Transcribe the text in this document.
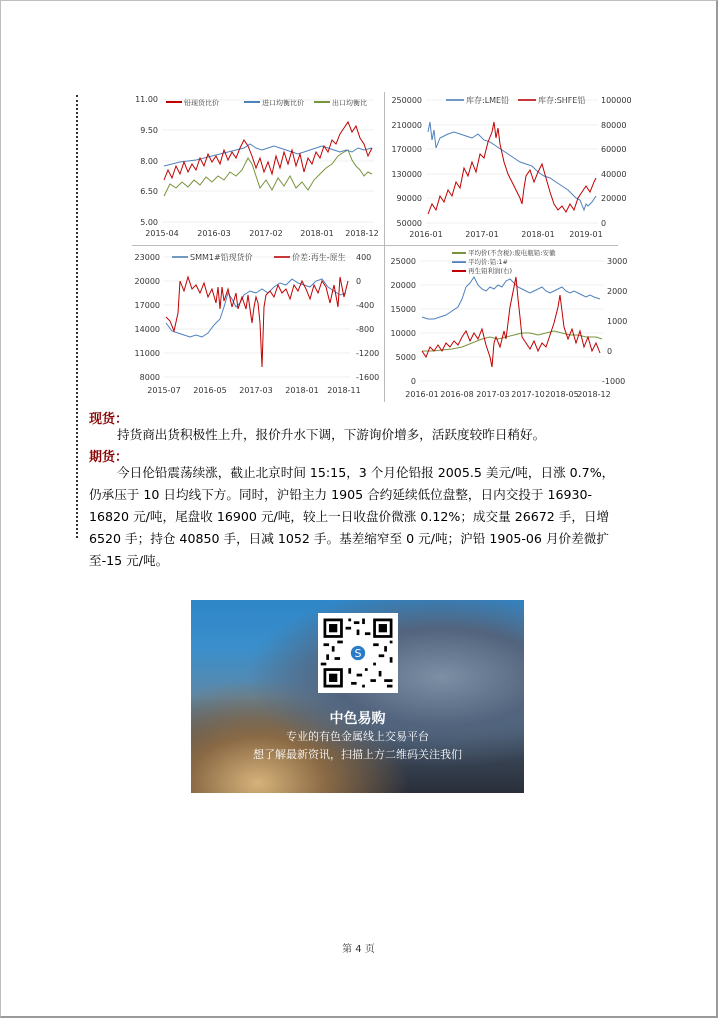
铅现货比价	进口均衡比价	出口均衡比
11.00
9.50
8.00
6.50
5.00
2015-04 2016-03 2017-02 2018-01 2018-12
库存:LME铅	库存:SHFE铅
250000
210000
170000
130000
90000
50000
100000
80000
60000
40000
20000
0
2016-01	2017-01	2018-01 2019-01
SMM1#铅现货价	价差:再生-原生
23000
20000
17000
14000
11000
8000
400
0
-400
-800
-1200
-1600
2015-07 2016-05 2017-03 2018-01 2018-11
平均价(不含税):废电瓶铅:安徽
平均价:铅:1#
再生铅利润(右)
25000
20000
15000
10000
5000
0
3000
2000
1000
0
-1000
2016-01 2016-08 2017-03 2017-10 2018-05
2018-12
现货：
持货商出货积极性上升，报价升水下调，下游询价增多，活跃度较昨日稍好。
期货：
今日伦铅震荡续涨，截止北京时间 15:15，3 个月伦铅报 2005.5 美元/吨，日涨 0.7%，仍承压于 10 日均线下方。同时，沪铅主力 1905 合约延续低位盘整，日内交投于 16930-16820 元/吨，尾盘收 16900 元/吨，较上一日收盘价微涨 0.12%；成交量 26672 手，日增 6520 手；持仓 40850 手，日减 1052 手。基差缩窄至 0 元/吨；沪铅 1905-06 月价差微扩至-15 元/吨。
S
中色易购
专业的有色金属线上交易平台
想了解最新资讯，扫描上方二维码关注我们
第 4 页
